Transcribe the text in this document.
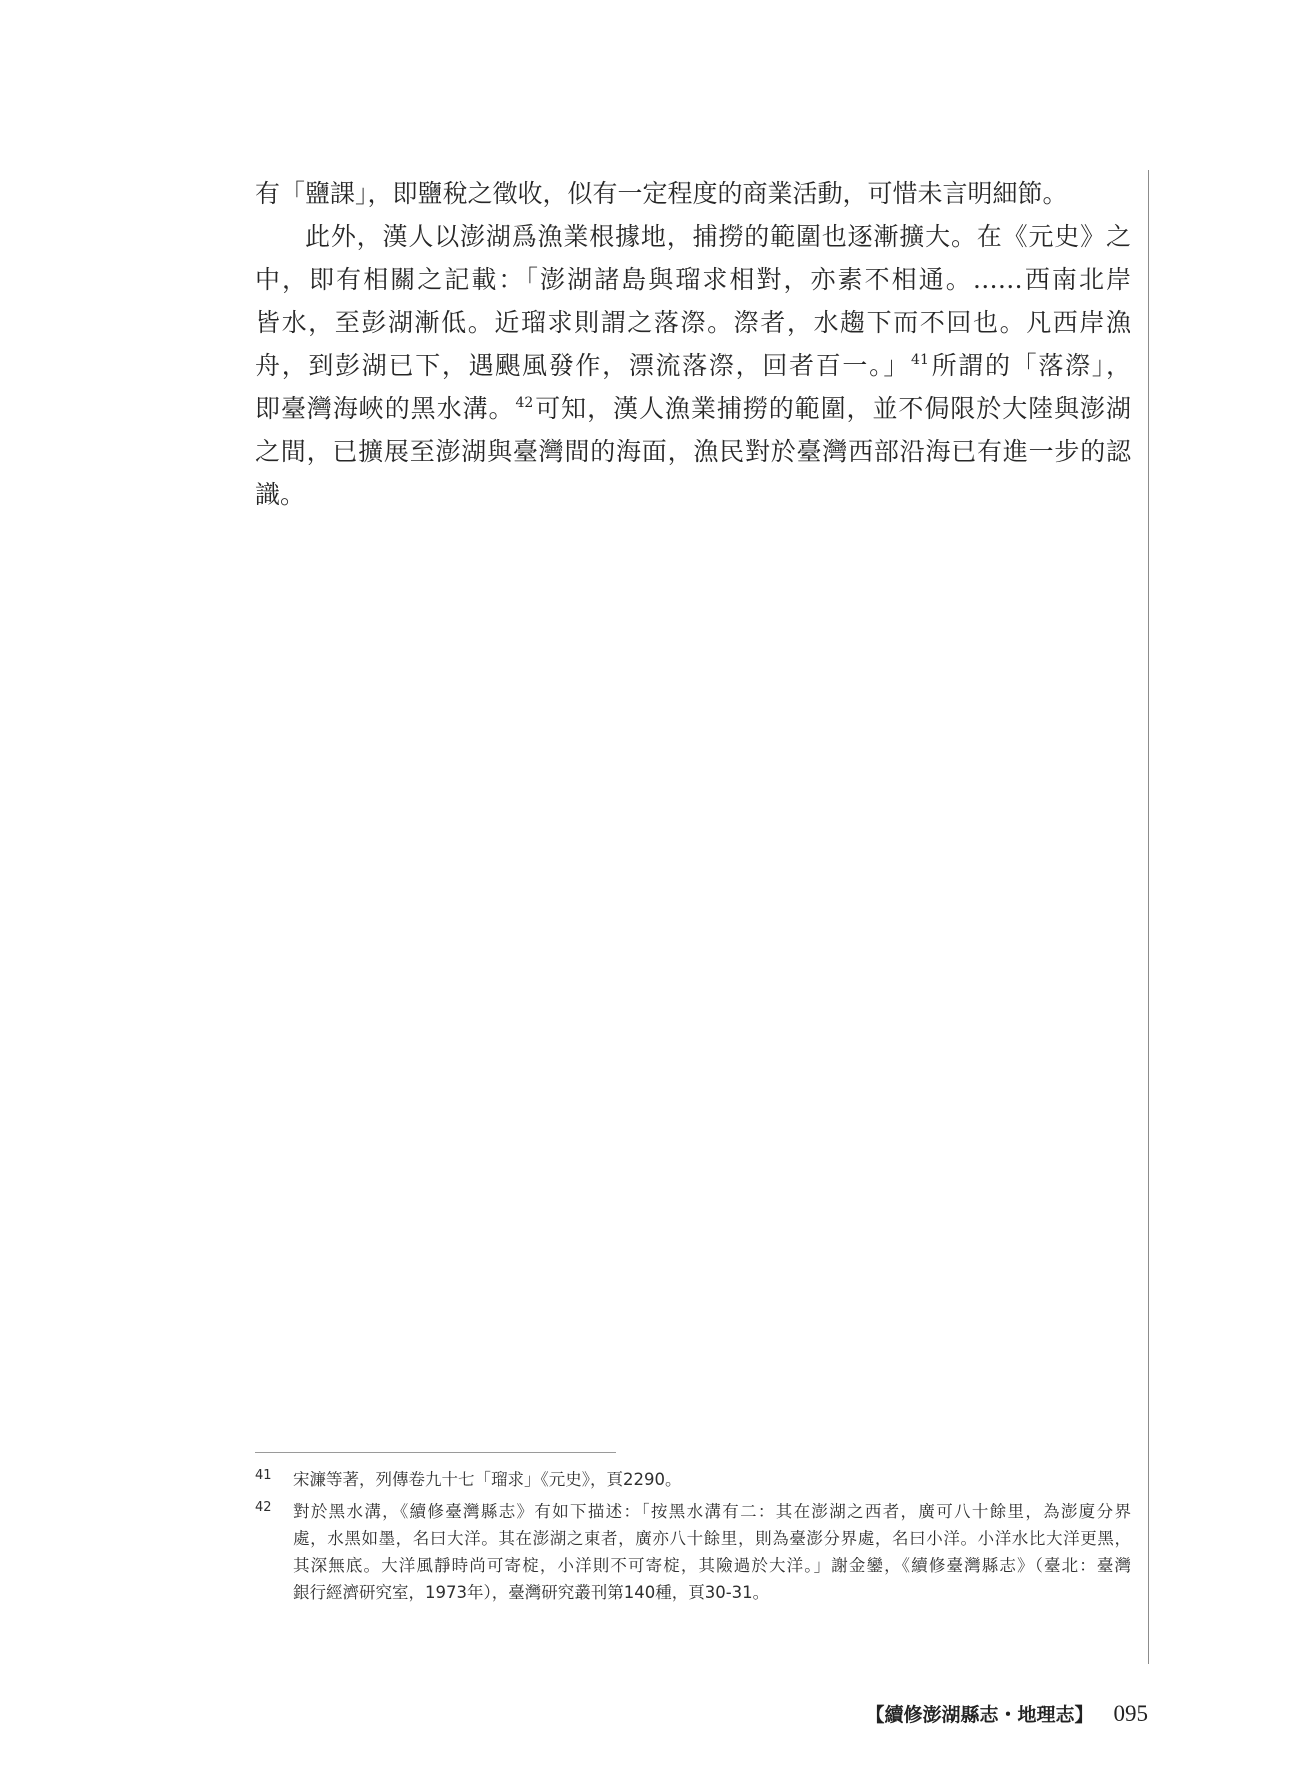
有「鹽課」，即鹽稅之徵收，似有一定程度的商業活動，可惜未言明細節。
此外，漢人以澎湖爲漁業根據地，捕撈的範圍也逐漸擴大。在《元史》之
中，即有相關之記載：「澎湖諸島與瑠求相對，亦素不相通。……西南北岸
皆水，至彭湖漸低。近瑠求則謂之落漈。漈者，水趨下而不回也。凡西岸漁
舟，到彭湖已下，遇颶風發作，漂流落漈，回者百一。」$^{41}$所謂的「落漈」，
即臺灣海峽的黑水溝。$^{42}$可知，漢人漁業捕撈的範圍，並不侷限於大陸與澎湖
之間，已擴展至澎湖與臺灣間的海面，漁民對於臺灣西部沿海已有進一步的認
識。
41 宋濂等著，列傳卷九十七「瑠求」《元史》，頁2290。
42 對於黑水溝，《續修臺灣縣志》有如下描述：「按黑水溝有二：其在澎湖之西者，廣可八十餘里，為澎廈分界
處，水黑如墨，名曰大洋。其在澎湖之東者，廣亦八十餘里，則為臺澎分界處，名曰小洋。小洋水比大洋更黑，
其深無底。大洋風靜時尚可寄椗，小洋則不可寄椗，其險過於大洋。」謝金鑾，《續修臺灣縣志》（臺北：臺灣
銀行經濟研究室，1973年），臺灣研究叢刊第140種，頁30-31。
【續修澎湖縣志・地理志】 095
